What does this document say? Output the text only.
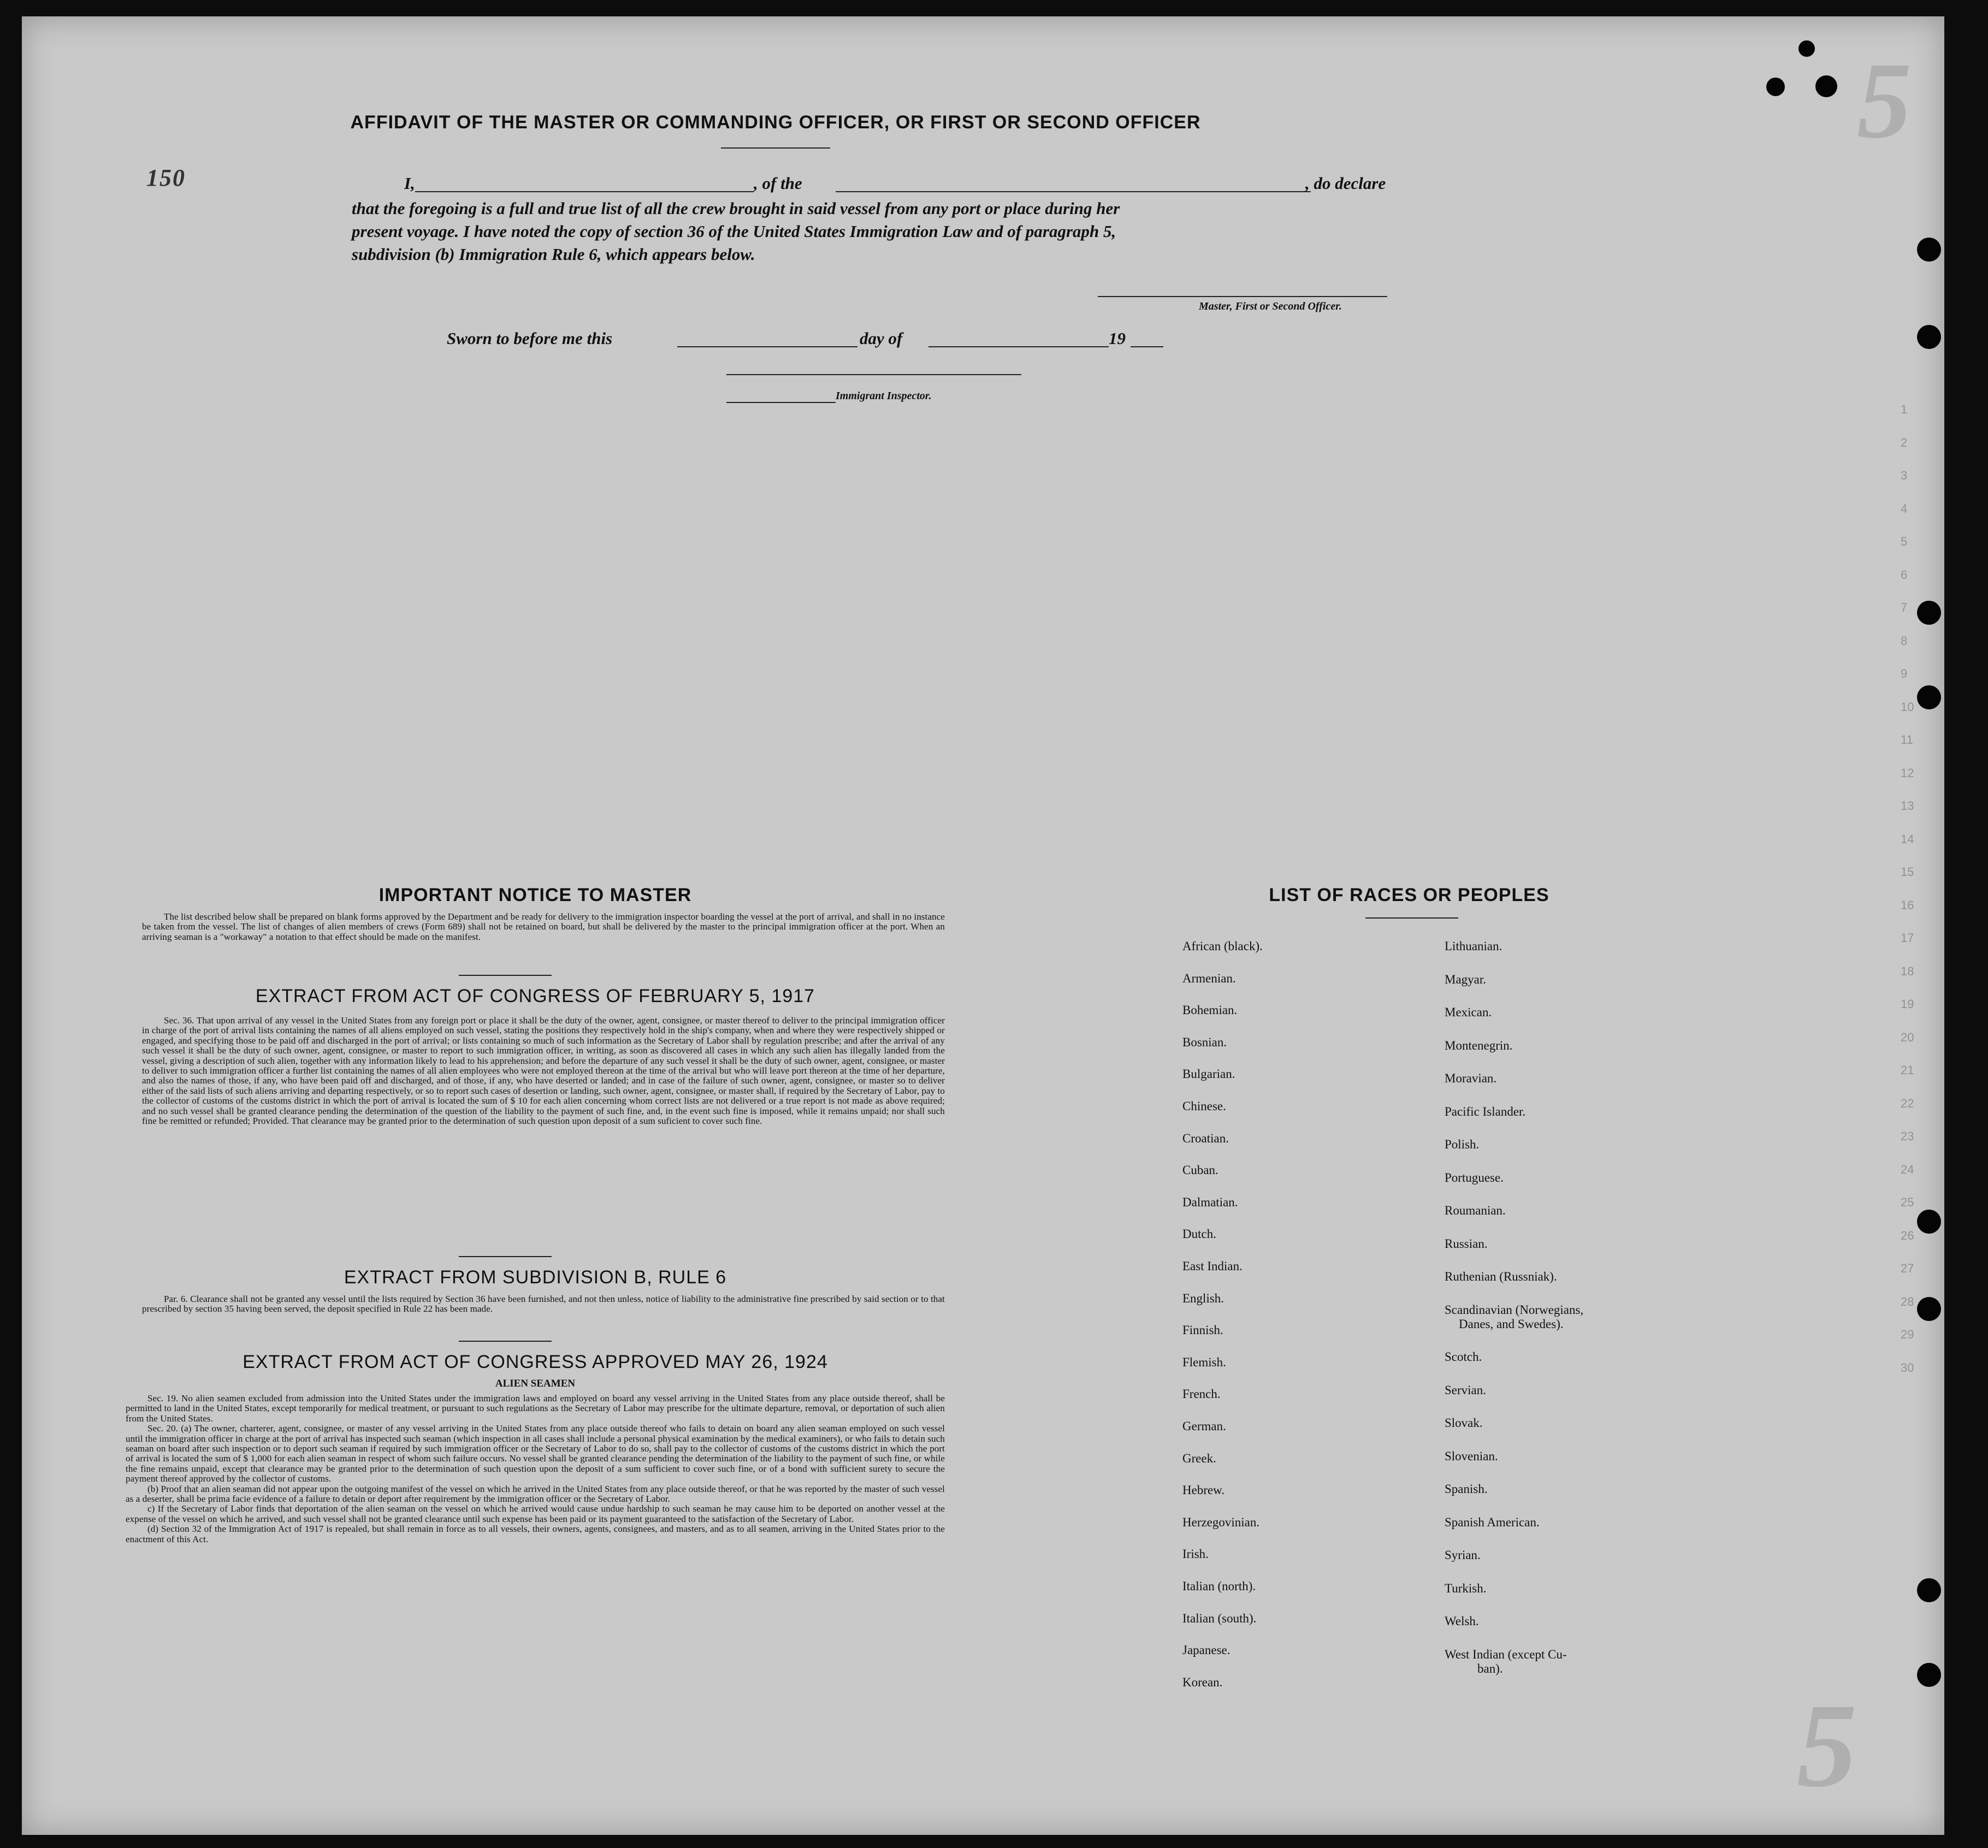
5
5
1
2
3
4
5
6
7
8
9
10
11
12
13
14
15
16
17
18
19
20
21
22
23
24
25
26
27
28
29
30
AFFIDAVIT OF THE MASTER OR COMMANDING OFFICER, OR FIRST OR SECOND OFFICER
150	I,	, of the	, do declare
that the foregoing is a full and true list of all the crew brought in said vessel from any port or place during her
present voyage. I have noted the copy of section 36 of the United States Immigration Law and of paragraph 5,
subdivision (b) Immigration Rule 6, which appears below.
Master, First or Second Officer.
Sworn to before me this	day of	19
Immigrant Inspector.
IMPORTANT NOTICE TO MASTER

The list described below shall be prepared on blank forms approved by the Department and be ready for delivery to the immigration inspector boarding the vessel at the port of arrival, and shall in no instance be taken from the vessel. The list of changes of alien members of crews (Form 689) shall not be retained on board, but shall be delivered by the master to the principal immigration officer at the port. When an arriving seaman is a "workaway" a notation to that effect should be made on the manifest.

EXTRACT FROM ACT OF CONGRESS OF FEBRUARY 5, 1917

Sec. 36. That upon arrival of any vessel in the United States from any foreign port or place it shall be the duty of the owner, agent, consignee, or master thereof to deliver to the principal immigration officer in charge of the port of arrival lists containing the names of all aliens employed on such vessel, stating the positions they respectively hold in the ship's company, when and where they were respectively shipped or engaged, and specifying those to be paid off and discharged in the port of arrival; or lists containing so much of such information as the Secretary of Labor shall by regulation prescribe; and after the arrival of any such vessel it shall be the duty of such owner, agent, consignee, or master to report to such immigration officer, in writing, as soon as discovered all cases in which any such alien has illegally landed from the vessel, giving a description of such alien, together with any information likely to lead to his apprehension; and before the departure of any such vessel it shall be the duty of such owner, agent, consignee, or master to deliver to such immigration officer a further list containing the names of all alien employees who were not employed thereon at the time of the arrival but who will leave port thereon at the time of her departure, and also the names of those, if any, who have been paid off and discharged, and of those, if any, who have deserted or landed; and in case of the failure of such owner, agent, consignee, or master so to deliver either of the said lists of such aliens arriving and departing respectively, or so to report such cases of desertion or landing, such owner, agent, consignee, or master shall, if required by the Secretary of Labor, pay to the collector of customs of the customs district in which the port of arrival is located the sum of $ 10 for each alien concerning whom correct lists are not delivered or a true report is not made as above required; and no such vessel shall be granted clearance pending the determination of the question of the liability to the payment of such fine, and, in the event such fine is imposed, while it remains unpaid; nor shall such fine be remitted or refunded; Provided. That clearance may be granted prior to the determination of such question upon deposit of a sum suficient to cover such fine.

EXTRACT FROM SUBDIVISION B, RULE 6

Par. 6. Clearance shall not be granted any vessel until the lists required by Section 36 have been furnished, and not then unless, notice of liability to the administrative fine prescribed by said section or to that prescribed by section 35 having been served, the deposit specified in Rule 22 has been made.

EXTRACT FROM ACT OF CONGRESS APPROVED MAY 26, 1924
ALIEN SEAMEN

Sec. 19. No alien seamen excluded from admission into the United States under the immigration laws and employed on board any vessel arriving in the United States from any place outside thereof, shall be permitted to land in the United States, except temporarily for medical treatment, or pursuant to such regulations as the Secretary of Labor may prescribe for the ultimate departure, removal, or deportation of such alien from the United States.

Sec. 20. (a) The owner, charterer, agent, consignee, or master of any vessel arriving in the United States from any place outside thereof who fails to detain on board any alien seaman employed on such vessel until the immigration officer in charge at the port of arrival has inspected such seaman (which inspection in all cases shall include a personal physical examination by the medical examiners), or who fails to detain such seaman on board after such inspection or to deport such seaman if required by such immigration officer or the Secretary of Labor to do so, shall pay to the collector of customs of the customs district in which the port of arrival is located the sum of $ 1,000 for each alien seaman in respect of whom such failure occurs. No vessel shall be granted clearance pending the determination of the liability to the payment of such fine, or while the fine remains unpaid, except that clearance may be granted prior to the determination of such question upon the deposit of a sum sufficient to cover such fine, or of a bond with sufficient surety to secure the payment thereof approved by the collector of customs.

(b) Proof that an alien seaman did not appear upon the outgoing manifest of the vessel on which he arrived in the United States from any place outside thereof, or that he was reported by the master of such vessel as a deserter, shall be prima facie evidence of a failure to detain or deport after requirement by the immigration officer or the Secretary of Labor.

c) If the Secretary of Labor finds that deportation of the alien seaman on the vessel on which he arrived would cause undue hardship to such seaman he may cause him to be deported on another vessel at the expense of the vessel on which he arrived, and such vessel shall not be granted clearance until such expense has been paid or its payment guaranteed to the satisfaction of the Secretary of Labor.

(d) Section 32 of the Immigration Act of 1917 is repealed, but shall remain in force as to all vessels, their owners, agents, consignees, and masters, and as to all seamen, arriving in the United States prior to the enactment of this Act.

LIST OF RACES OR PEOPLES
African (black).
Armenian.
Bohemian.
Bosnian.
Bulgarian.
Chinese.
Croatian.
Cuban.
Dalmatian.
Dutch.
East Indian.
English.
Finnish.
Flemish.
French.
German.
Greek.
Hebrew.
Herzegovinian.
Irish.
Italian (north).
Italian (south).
Japanese.
Korean.
Lithuanian.
Magyar.
Mexican.
Montenegrin.
Moravian.
Pacific Islander.
Polish.
Portuguese.
Roumanian.
Russian.
Ruthenian (Russniak).
Scandinavian (Norwegians,
Danes, and Swedes).
Scotch.
Servian.
Slovak.
Slovenian.
Spanish.
Spanish American.
Syrian.
Turkish.
Welsh.
West Indian (except Cu-
ban).
